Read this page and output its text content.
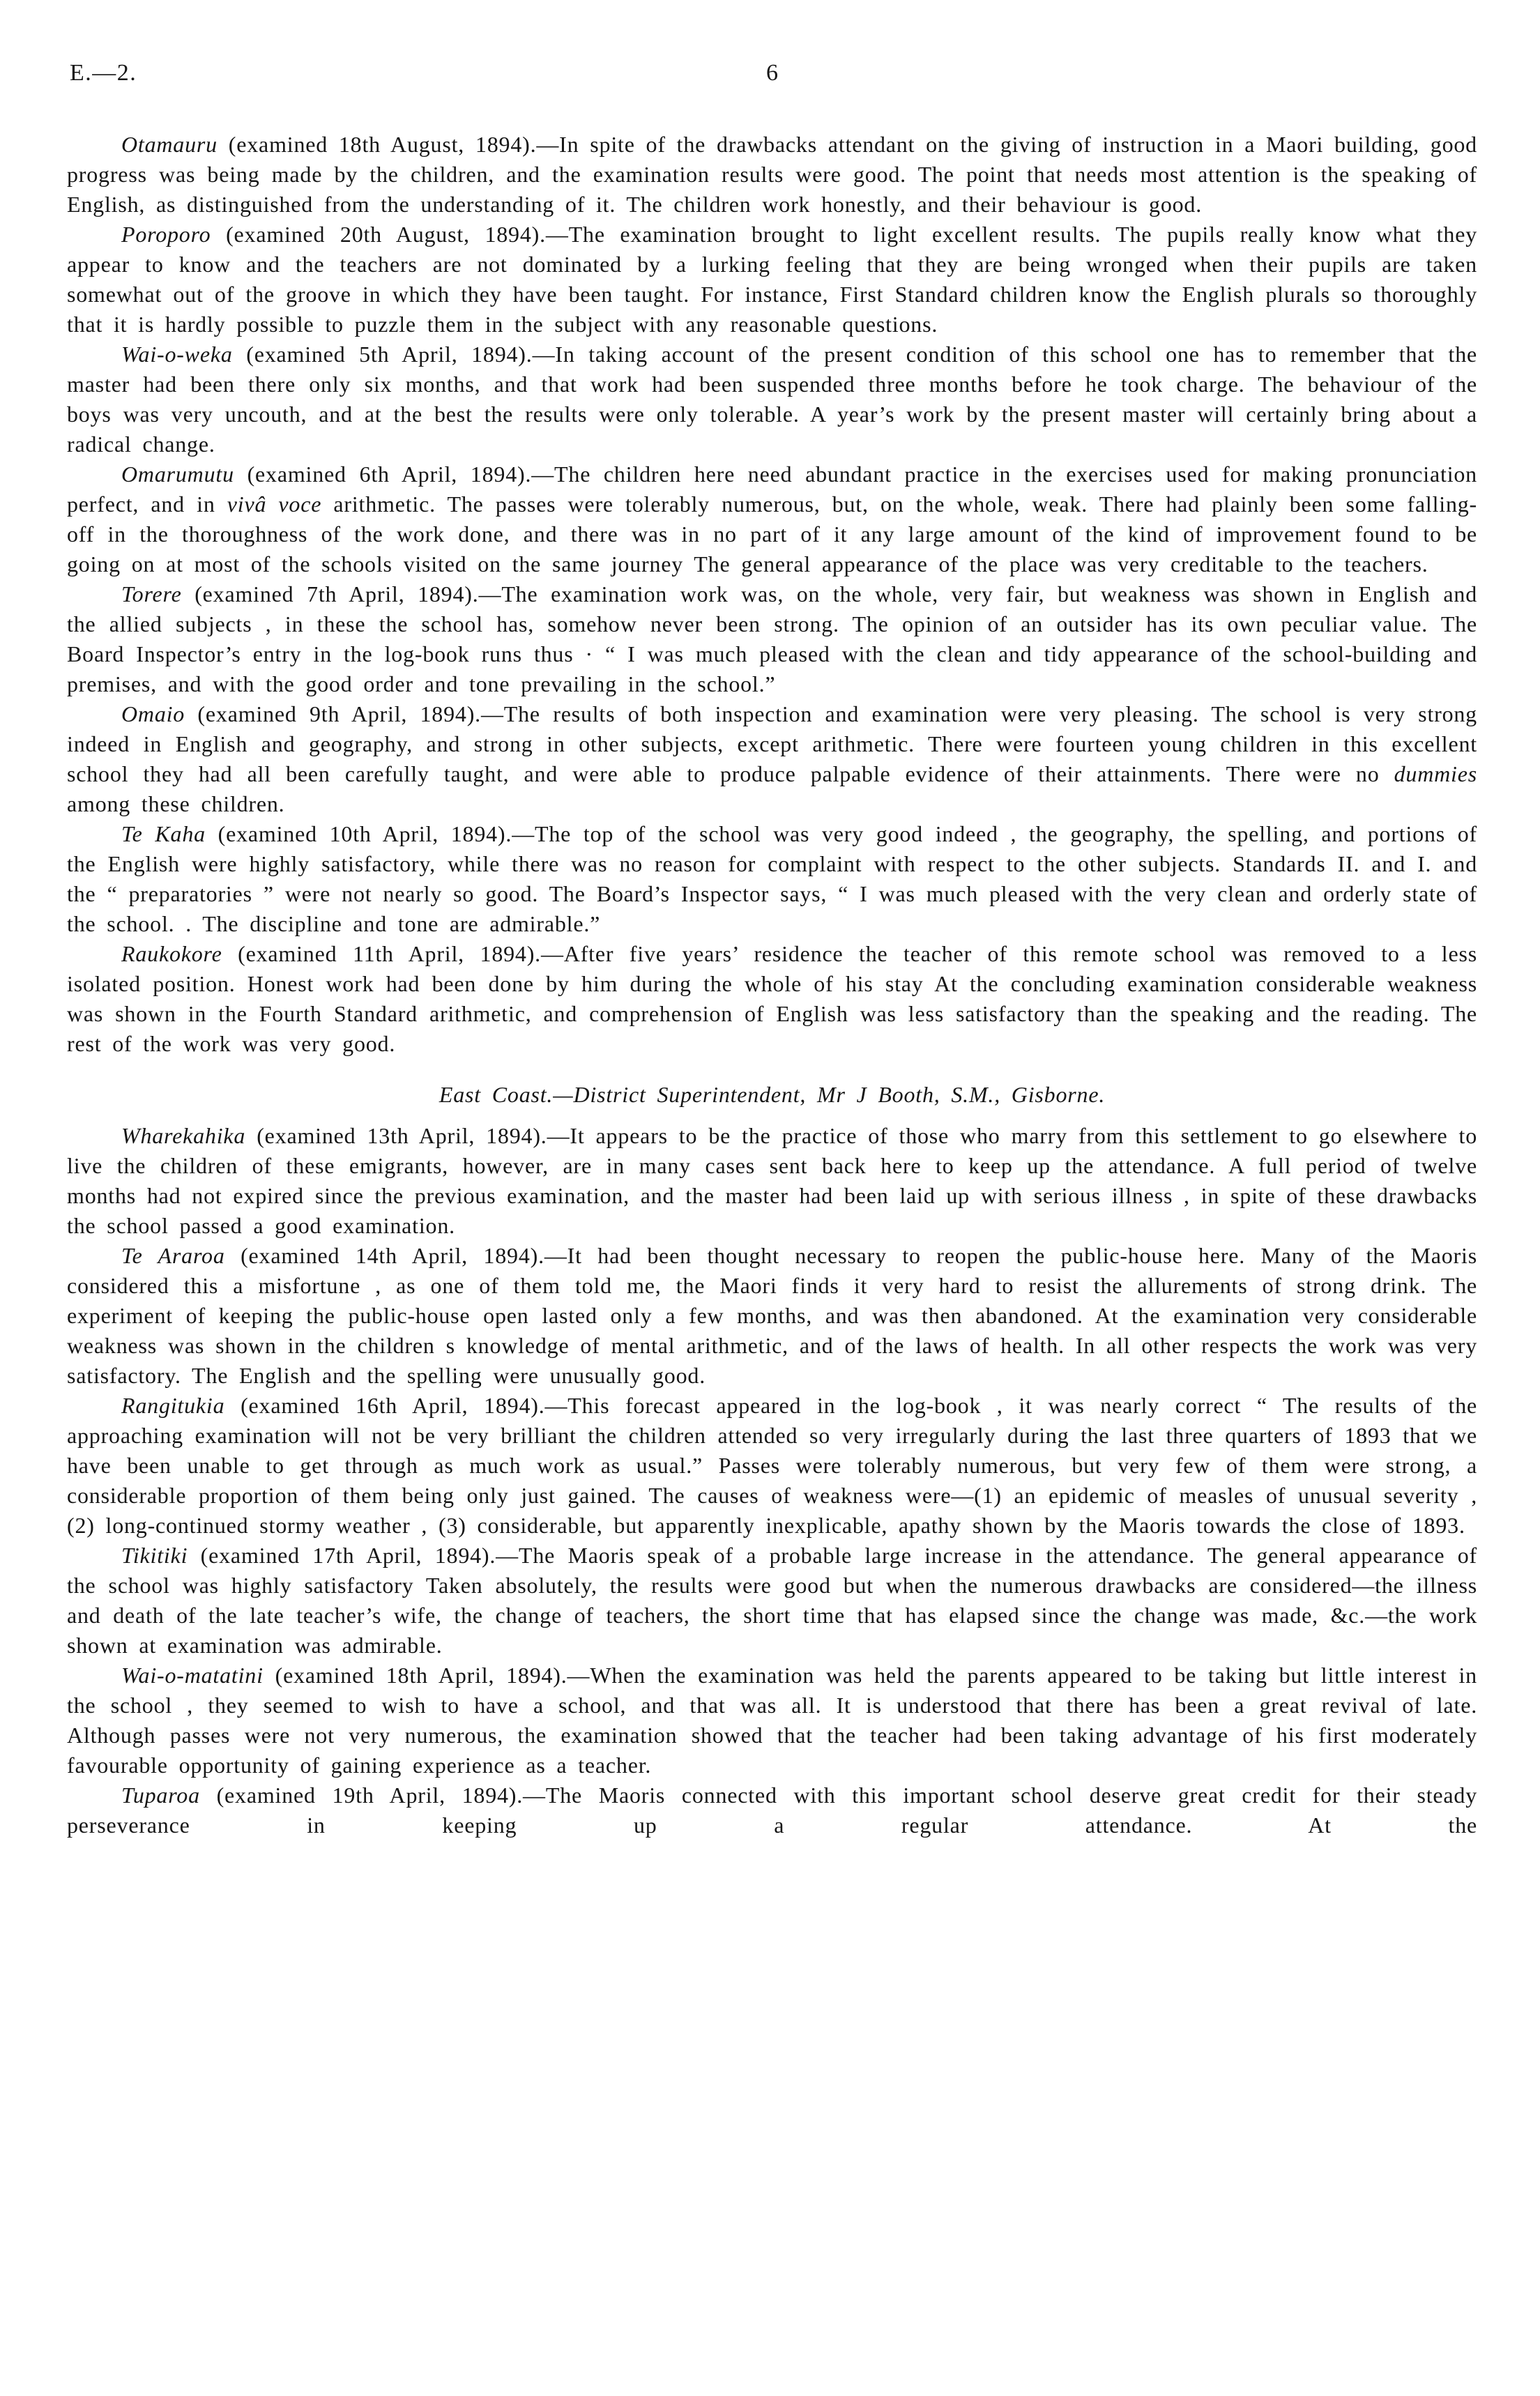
E.—2.	6

Otamauru (examined 18th August, 1894).—In spite of the drawbacks attendant on the giving of instruction in a Maori building, good progress was being made by the children, and the examination results were good. The point that needs most attention is the speaking of English, as distinguished from the understanding of it. The children work honestly, and their behaviour is good.

Poroporo (examined 20th August, 1894).—The examination brought to light excellent results. The pupils really know what they appear to know and the teachers are not dominated by a lurking feeling that they are being wronged when their pupils are taken somewhat out of the groove in which they have been taught. For instance, First Standard children know the English plurals so thoroughly that it is hardly possible to puzzle them in the subject with any reasonable questions.

Wai-o-weka (examined 5th April, 1894).—In taking account of the present condition of this school one has to remember that the master had been there only six months, and that work had been suspended three months before he took charge. The behaviour of the boys was very uncouth, and at the best the results were only tolerable. A year’s work by the present master will certainly bring about a radical change.

Omarumutu (examined 6th April, 1894).—The children here need abundant practice in the exercises used for making pronunciation perfect, and in vivâ voce arithmetic. The passes were tolerably numerous, but, on the whole, weak. There had plainly been some falling-off in the thoroughness of the work done, and there was in no part of it any large amount of the kind of improvement found to be going on at most of the schools visited on the same journey The general appearance of the place was very creditable to the teachers.

Torere (examined 7th April, 1894).—The examination work was, on the whole, very fair, but weakness was shown in English and the allied subjects , in these the school has, somehow never been strong. The opinion of an outsider has its own peculiar value. The Board Inspector’s entry in the log-book runs thus · “ I was much pleased with the clean and tidy appearance of the school-building and premises, and with the good order and tone prevailing in the school.”

Omaio (examined 9th April, 1894).—The results of both inspection and examination were very pleasing. The school is very strong indeed in English and geography, and strong in other subjects, except arithmetic. There were fourteen young children in this excellent school they had all been carefully taught, and were able to produce palpable evidence of their attainments. There were no dummies among these children.

Te Kaha (examined 10th April, 1894).—The top of the school was very good indeed , the geography, the spelling, and portions of the English were highly satisfactory, while there was no reason for complaint with respect to the other subjects. Standards II. and I. and the “ preparatories ” were not nearly so good. The Board’s Inspector says, “ I was much pleased with the very clean and orderly state of the school. . The discipline and tone are admirable.”

Raukokore (examined 11th April, 1894).—After five years’ residence the teacher of this remote school was removed to a less isolated position. Honest work had been done by him during the whole of his stay At the concluding examination considerable weakness was shown in the Fourth Standard arithmetic, and comprehension of English was less satisfactory than the speaking and the reading. The rest of the work was very good.

East Coast.—District Superintendent, Mr J Booth, S.M., Gisborne.

Wharekahika (examined 13th April, 1894).—It appears to be the practice of those who marry from this settlement to go elsewhere to live the children of these emigrants, however, are in many cases sent back here to keep up the attendance. A full period of twelve months had not expired since the previous examination, and the master had been laid up with serious illness , in spite of these drawbacks the school passed a good examination.

Te Araroa (examined 14th April, 1894).—It had been thought necessary to reopen the public-house here. Many of the Maoris considered this a misfortune , as one of them told me, the Maori finds it very hard to resist the allurements of strong drink. The experiment of keeping the public-house open lasted only a few months, and was then abandoned. At the examination very considerable weakness was shown in the children s knowledge of mental arithmetic, and of the laws of health. In all other respects the work was very satisfactory. The English and the spelling were unusually good.

Rangitukia (examined 16th April, 1894).—This forecast appeared in the log-book , it was nearly correct “ The results of the approaching examination will not be very brilliant the children attended so very irregularly during the last three quarters of 1893 that we have been unable to get through as much work as usual.” Passes were tolerably numerous, but very few of them were strong, a considerable proportion of them being only just gained. The causes of weakness were—(1) an epidemic of measles of unusual severity , (2) long-continued stormy weather , (3) considerable, but apparently inexplicable, apathy shown by the Maoris towards the close of 1893.

Tikitiki (examined 17th April, 1894).—The Maoris speak of a probable large increase in the attendance. The general appearance of the school was highly satisfactory Taken absolutely, the results were good but when the numerous drawbacks are considered—the illness and death of the late teacher’s wife, the change of teachers, the short time that has elapsed since the change was made, &c.—the work shown at examination was admirable.

Wai-o-matatini (examined 18th April, 1894).—When the examination was held the parents appeared to be taking but little interest in the school , they seemed to wish to have a school, and that was all. It is understood that there has been a great revival of late. Although passes were not very numerous, the examination showed that the teacher had been taking advantage of his first moderately favourable opportunity of gaining experience as a teacher.

Tuparoa (examined 19th April, 1894).—The Maoris connected with this important school deserve great credit for their steady perseverance in keeping up a regular attendance. At the
